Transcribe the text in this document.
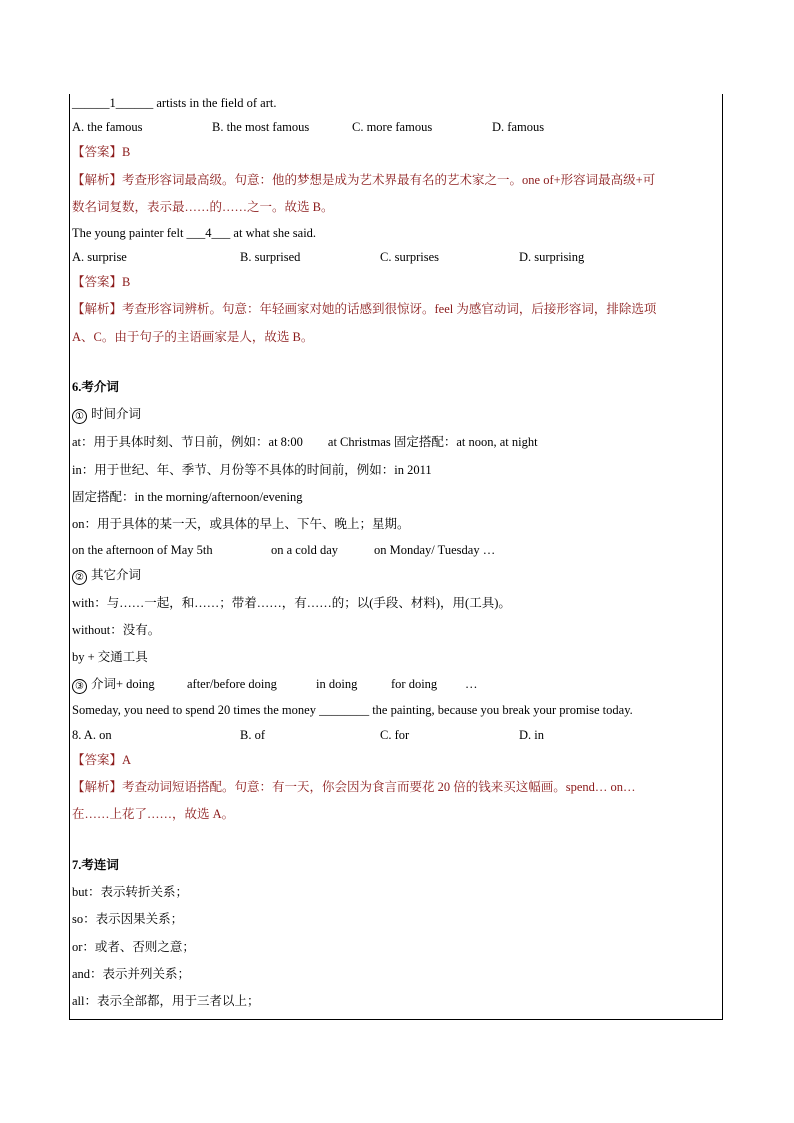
______1______ artists in the field of art.
A. the famous	B. the most famous	C. more famous	D. famous
【答案】B
【解析】考查形容词最高级。句意：他的梦想是成为艺术界最有名的艺术家之一。one of+形容词最高级+可
数名词复数，表示最……的……之一。故选 B。
The young painter felt ___4___ at what she said.
A. surprise	B. surprised	C. surprises	D. surprising
【答案】B
【解析】考查形容词辨析。句意：年轻画家对她的话感到很惊讶。feel 为感官动词，后接形容词，排除选项
A、C。由于句子的主语画家是人，故选 B。
6.考介词
① 时间介词
at：用于具体时刻、节日前，例如：at 8:00　　at Christmas 固定搭配：at noon, at night
in：用于世纪、年、季节、月份等不具体的时间前，例如：in 2011
固定搭配：in the morning/afternoon/evening
on：用于具体的某一天，或具体的早上、下午、晚上；星期。
on the afternoon of May 5th	on a cold day	on Monday/ Tuesday …
② 其它介词
with：与……一起，和……；带着……，有……的；以(手段、材料)，用(工具)。
without：没有。
by + 交通工具
③ 介词+ doing	after/before doing	in doing	for doing …
Someday, you need to spend 20 times the money ________ the painting, because you break your promise today.
8. A. on	B. of	C. for	D. in
【答案】A
【解析】考查动词短语搭配。句意：有一天，你会因为食言而要花 20 倍的钱来买这幅画。spend… on…
在……上花了……，故选 A。
7.考连词
but：表示转折关系；
so：表示因果关系；
or：或者、否则之意；
and：表示并列关系；
all：表示全部都，用于三者以上；
